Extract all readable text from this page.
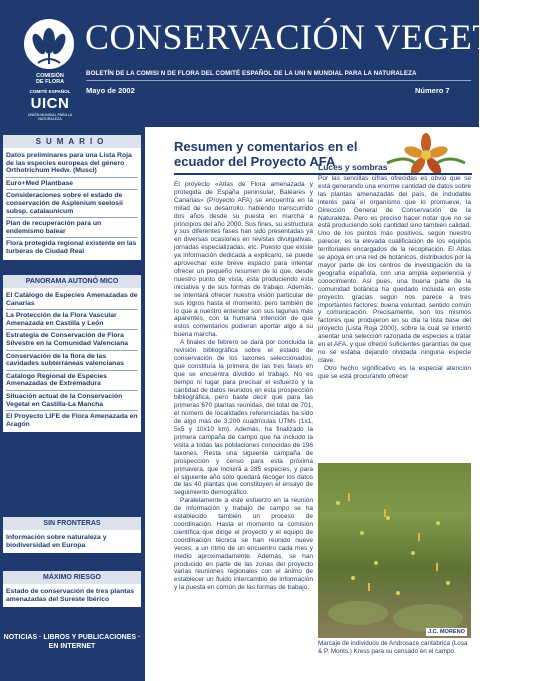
COMISIÓN
DE FLORA
COMITÉ ESPAÑOL
UICN
UNIÓN MUNDIAL PARA LA NATURALEZA
CONSERVACIÓN VEGETAL
BOLETÍN DE LA COMISI N DE FLORA DEL COMITÉ ESPAÑOL DE LA UNI N MUNDIAL PARA LA NATURALEZA
Mayo de 2002	Número 7
SUMARIO
Datos preliminares para una Lista Roja de las especies europeas del género Orthotrichum Hedw. (Musci)
Euro+Med Plantbase
Consideraciones sobre el estado de conservación de Asplenium seelosii subsp. catalaunicum
Plan de recuperación para un endemismo balear
Flora protegida regional existente en las turberas de Ciudad Real
PANORAMA AUTONÓ MICO
El Catálogo de Especies Amenazadas de Canarias
La Protección de la Flora Vascular Amenazada en Castilla y León
Estrategia de Conservación de Flora Silvestre en la Comunidad Valenciana
Conservación de la flora de las cavidades subterráneas valencianas
Catálogo Regional de Especies Amenazadas de Extremadura
Situación actual de la Conservación Vegetal en Castilla-La Mancha
El Proyecto LIFE de Flora Amenazada en Aragón
SIN FRONTERAS
Información sobre naturaleza y biodiversidad en Europa
MÁXIMO RIESGO
Estado de conservación de tres plantas amenazadas del Sureste Ibérico
NOTICIAS · LIBROS Y PUBLICACIONES · EN INTERNET
Resumen y comentarios en el ecuador del Proyecto AFA

El proyecto «Atlas de Flora amenazada y protegida de España peninsular, Baleares y Canarias» (Proyecto AFA) se encuentra en la mitad de su desarrollo, habiendo transcurrido dos años desde su puesta en marcha a principios del año 2000. Sus fines, su estructura y sus diferentes fases han sido presentadas ya en diversas ocasiones en revistas divulgativas, jornadas especializadas, etc. Puesto que existe ya información dedicada a explicarlo, se puede aprovechar este breve espacio para intentar ofrecer un pequeño resumen de lo que, desde nuestro punto de vista, esta produciendo esta iniciativa y de sus formas de trabajo. Además, se intentará ofrecer nuestra visión particular de sus logros hasta el momento, pero también de lo que a nuestro entender son sus lagunas más aparentes, con la humana intención de que estos comentarios pudieran aportar algo a su buena marcha.

A finales de febrero se dará por concluida la revisión bibliográfica sobre el estado de conservación de los taxones seleccionados, que constituía la primera de las tres fases en que se encuentra dividido el trabajo. No es tiempo ni lugar para precisar el esfuerzo y la cantidad de datos reunidos en esta prospección bibliográfica, pero baste decir que para las primeras 670 plantas reunidas, del total de 701, el número de localidades referenciadas ha sido de algo más de 3.200 cuadrículas UTMs (1x1, 5x5 y 10x10 km). Además, ha finalizado la primera campaña de campo que ha incluido la visita a todas las poblaciones conocidas de 196 taxones. Resta una siguiente campaña de prospección y censo para esta próxima primavera, que incluirá a 285 especies, y para el siguiente año sólo quedará recoger los datos de las 40 plantas que constituyen el ensayo de seguimiento demográfico.

Paralelamente a este esfuerzo en la reunión de información y trabajo de campo se ha establecido también un proceso de coordinación. Hasta el momento la comisión científica que dirige el proyecto y el equipo de coordinación técnica se han reunido nueve veces, a un ritmo de un encuentro cada mes y medio aproximadamente. Además, se han producido en parte de las zonas del proyecto varias reuniones regionales con el ánimo de establecer un fluido intercambio de información y la puesta en común de las formas de trabajo.

Luces y sombras

Por las sencillas cifras ofrecidas es obvio que se está generando una enorme cantidad de datos sobre las plantas amenazadas del país, de indudable interés para el organismo que lo promueve, la Dirección General de Conservación de la Naturaleza. Pero es preciso hacer notar que no se está produciendo solo cantidad sino también calidad. Uno de los puntos más positivos, según nuestro parecer, es la elevada cualificación de los equipos territoriales encargados de la recopilación. El Atlas se apoya en una red de botánicos, distribuidos por la mayor parte de los centros de investigación de la geografía española, con una amplia experiencia y conocimiento. Así pues, una buena parte de la comunidad botánica ha quedado incluida en este proyecto, gracias según nos parece a tres importantes factores: buena voluntad, sentido común y comunicación. Precisamente, son los mismos factores que produjeron en su día la lista base del proyecto (Lista Roja 2000), sobre la cual se intentó asentar una selección razonada de especies a tratar en el AFA, y que ofreció suficientes garantías de que no se estaba dejando olvidada ninguna especie clave.

Otro hecho significativo es la especial atención que se está procurando ofrecer

J.C. MORENO
Marcaje de individuos de Androsace cantabrica (Losa & P. Monts.) Kress para su censado en el campo.
